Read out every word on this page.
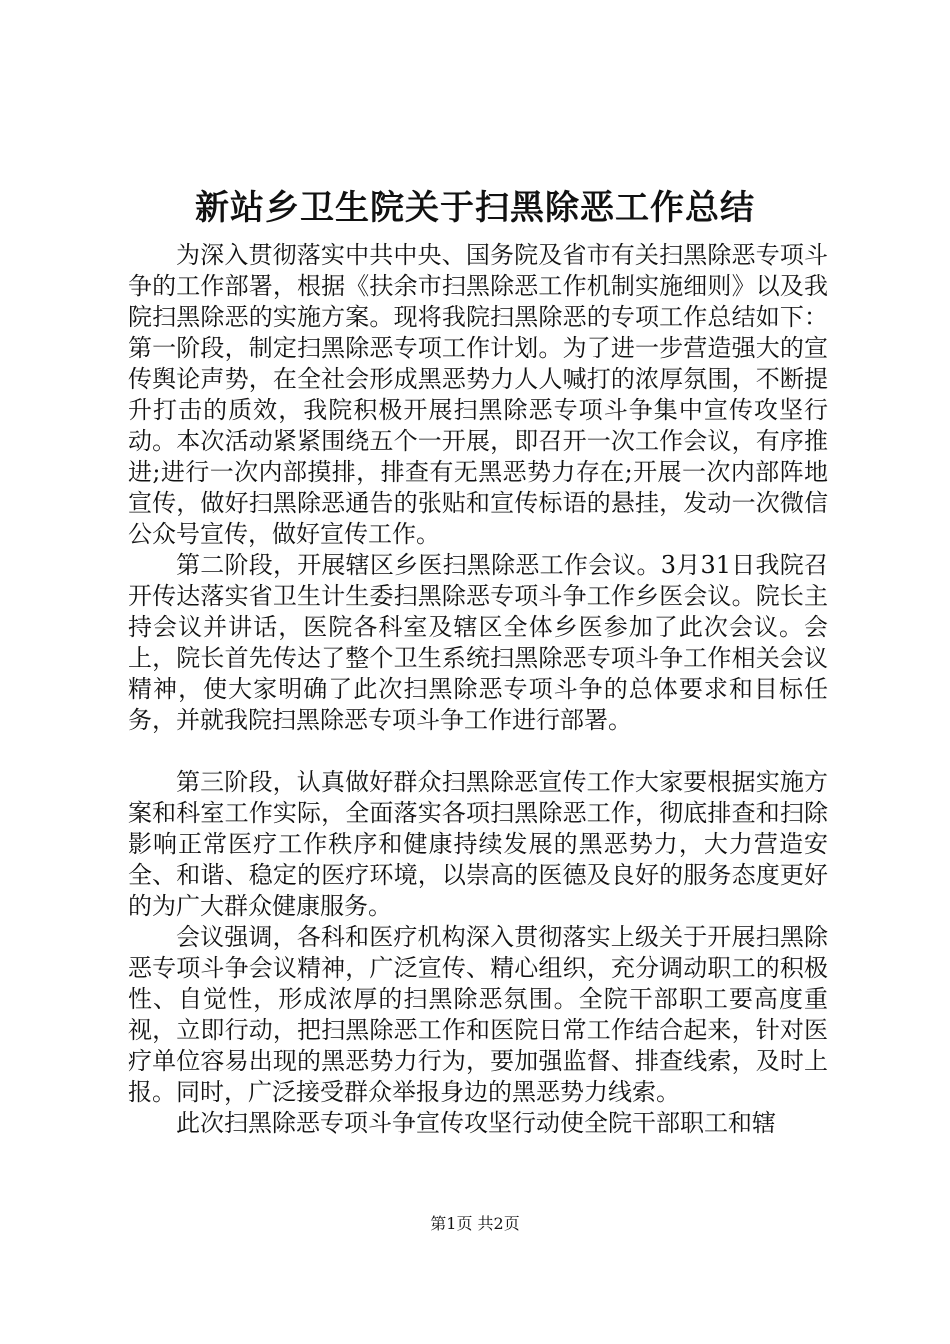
新站乡卫生院关于扫黑除恶工作总结

为深入贯彻落实中共中央、国务院及省市有关扫黑除恶专项斗争的工作部署，根据《扶余市扫黑除恶工作机制实施细则》以及我院扫黑除恶的实施方案。现将我院扫黑除恶的专项工作总结如下：第一阶段，制定扫黑除恶专项工作计划。为了进一步营造强大的宣传舆论声势，在全社会形成黑恶势力人人喊打的浓厚氛围，不断提升打击的质效，我院积极开展扫黑除恶专项斗争集中宣传攻坚行动。本次活动紧紧围绕五个一开展，即召开一次工作会议，有序推进;进行一次内部摸排，排查有无黑恶势力存在;开展一次内部阵地宣传，做好扫黑除恶通告的张贴和宣传标语的悬挂，发动一次微信公众号宣传，做好宣传工作。

第二阶段，开展辖区乡医扫黑除恶工作会议。3月31日我院召开传达落实省卫生计生委扫黑除恶专项斗争工作乡医会议。院长主持会议并讲话，医院各科室及辖区全体乡医参加了此次会议。会上，院长首先传达了整个卫生系统扫黑除恶专项斗争工作相关会议精神，使大家明确了此次扫黑除恶专项斗争的总体要求和目标任务，并就我院扫黑除恶专项斗争工作进行部署。

第三阶段，认真做好群众扫黑除恶宣传工作大家要根据实施方案和科室工作实际，全面落实各项扫黑除恶工作，彻底排查和扫除影响正常医疗工作秩序和健康持续发展的黑恶势力，大力营造安全、和谐、稳定的医疗环境，以崇高的医德及良好的服务态度更好的为广大群众健康服务。

会议强调，各科和医疗机构深入贯彻落实上级关于开展扫黑除恶专项斗争会议精神，广泛宣传、精心组织，充分调动职工的积极性、自觉性，形成浓厚的扫黑除恶氛围。全院干部职工要高度重视，立即行动，把扫黑除恶工作和医院日常工作结合起来，针对医疗单位容易出现的黑恶势力行为，要加强监督、排查线索，及时上报。同时，广泛接受群众举报身边的黑恶势力线索。

此次扫黑除恶专项斗争宣传攻坚行动使全院干部职工和辖

第1页 共2页
